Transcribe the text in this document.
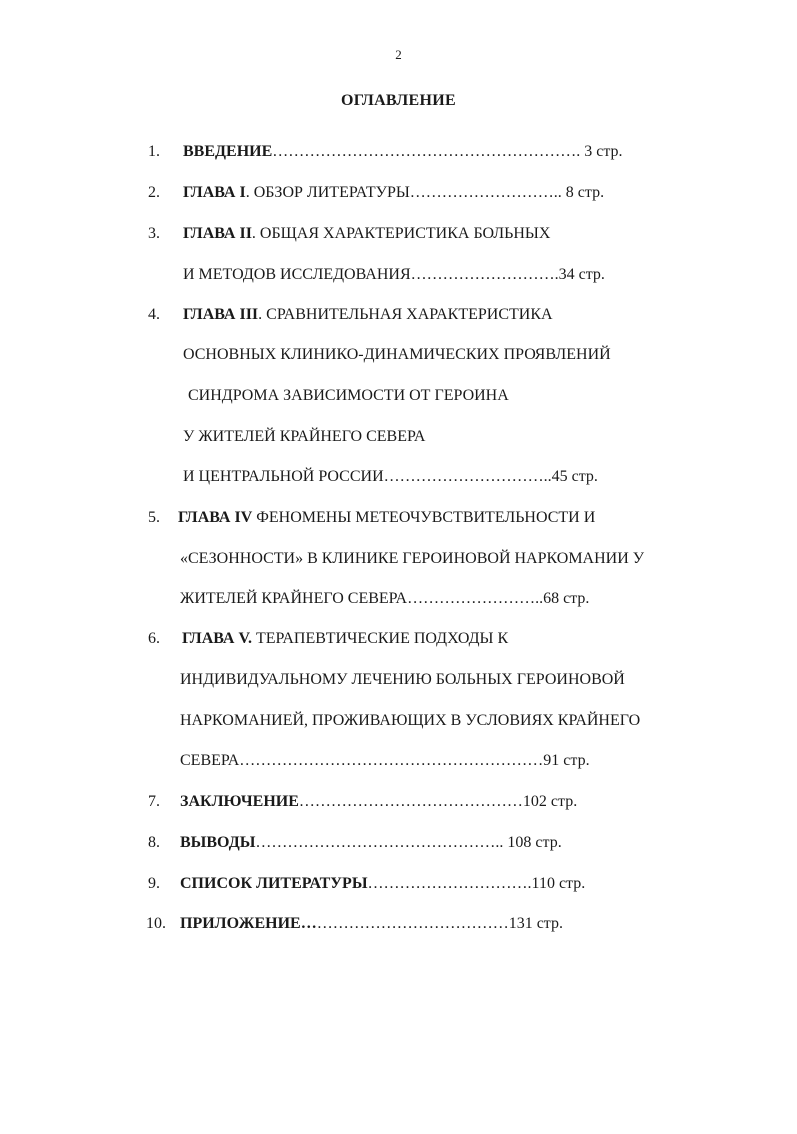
2
ОГЛАВЛЕНИЕ
1. ВВЕДЕНИЕ…………………………………………………. 3 стр.
2. ГЛАВА I. ОБЗОР ЛИТЕРАТУРЫ……………………….. 8 стр.
3. ГЛАВА II. ОБЩАЯ ХАРАКТЕРИСТИКА БОЛЬНЫХ
И МЕТОДОВ ИССЛЕДОВАНИЯ……………………….34 стр.
4. ГЛАВА III. СРАВНИТЕЛЬНАЯ ХАРАКТЕРИСТИКА
ОСНОВНЫХ КЛИНИКО-ДИНАМИЧЕСКИХ ПРОЯВЛЕНИЙ
СИНДРОМА ЗАВИСИМОСТИ ОТ ГЕРОИНА
У ЖИТЕЛЕЙ КРАЙНЕГО СЕВЕРА
И ЦЕНТРАЛЬНОЙ РОССИИ…………………………..45 стр.
5. ГЛАВА IV ФЕНОМЕНЫ МЕТЕОЧУВСТВИТЕЛЬНОСТИ И
«СЕЗОННОСТИ» В КЛИНИКЕ ГЕРОИНОВОЙ НАРКОМАНИИ У
ЖИТЕЛЕЙ КРАЙНЕГО СЕВЕРА……………………..68 стр.
6. ГЛАВА V. ТЕРАПЕВТИЧЕСКИЕ ПОДХОДЫ К
ИНДИВИДУАЛЬНОМУ ЛЕЧЕНИЮ БОЛЬНЫХ ГЕРОИНОВОЙ
НАРКОМАНИЕЙ, ПРОЖИВАЮЩИХ В УСЛОВИЯХ КРАЙНЕГО
СЕВЕРА…………………………………………………91 стр.
7. ЗАКЛЮЧЕНИЕ……………………………………102 стр.
8. ВЫВОДЫ……………………………………….. 108 стр.
9. СПИСОК ЛИТЕРАТУРЫ………………………….110 стр.
10. ПРИЛОЖЕНИЕ…………………………………131 стр.
